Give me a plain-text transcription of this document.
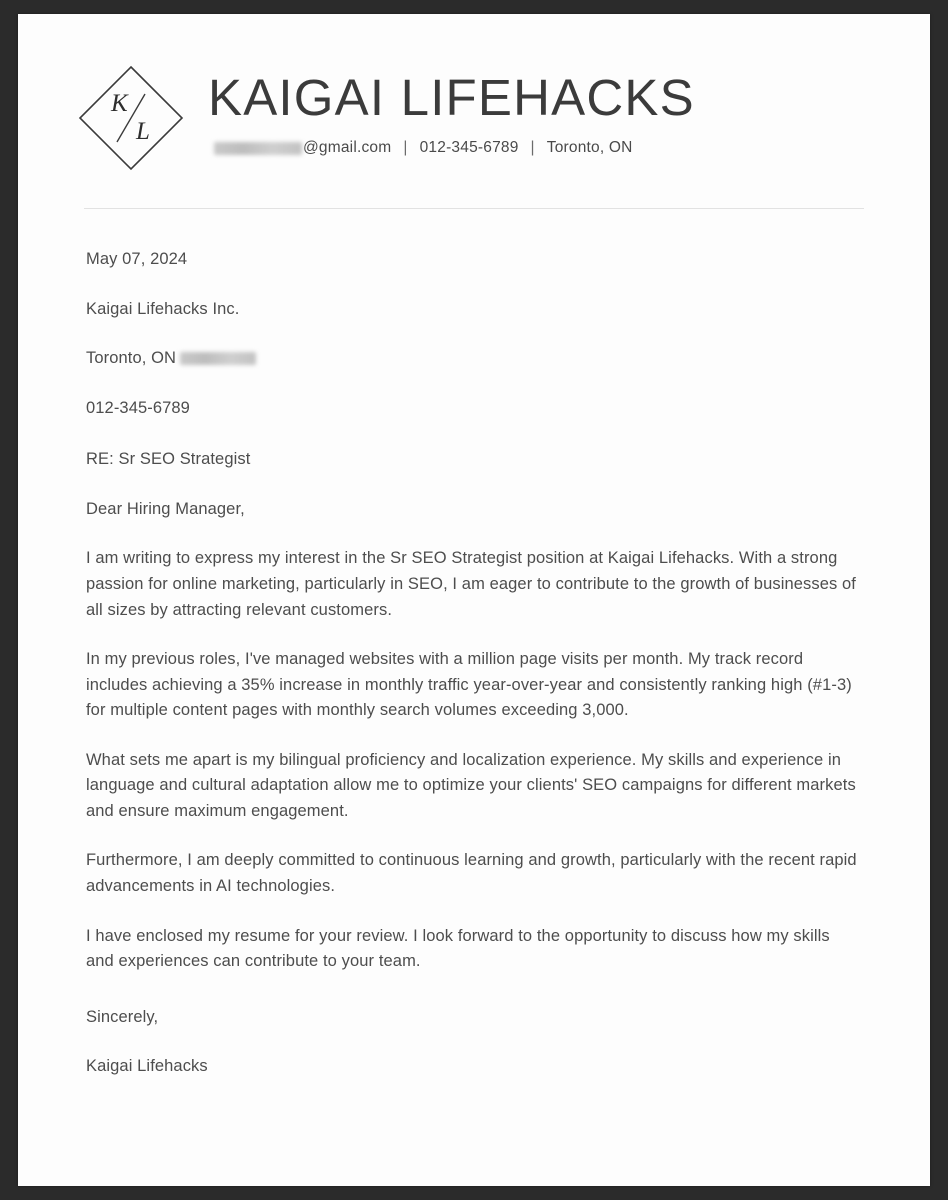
K
L
KAIGAI LIFEHACKS
@gmail.com | 012-345-6789 | Toronto, ON

May 07, 2024

Kaigai Lifehacks Inc.

Toronto, ON

012-345-6789

RE: Sr SEO Strategist

Dear Hiring Manager,

I am writing to express my interest in the Sr SEO Strategist position at Kaigai Lifehacks. With a strong passion for online marketing, particularly in SEO, I am eager to contribute to the growth of businesses of all sizes by attracting relevant customers.

In my previous roles, I've managed websites with a million page visits per month. My track record includes achieving a 35% increase in monthly traffic year-over-year and consistently ranking high (#1-3) for multiple content pages with monthly search volumes exceeding 3,000.

What sets me apart is my bilingual proficiency and localization experience. My skills and experience in language and cultural adaptation allow me to optimize your clients' SEO campaigns for different markets and ensure maximum engagement.

Furthermore, I am deeply committed to continuous learning and growth, particularly with the recent rapid advancements in AI technologies.

I have enclosed my resume for your review. I look forward to the opportunity to discuss how my skills and experiences can contribute to your team.

Sincerely,

Kaigai Lifehacks
